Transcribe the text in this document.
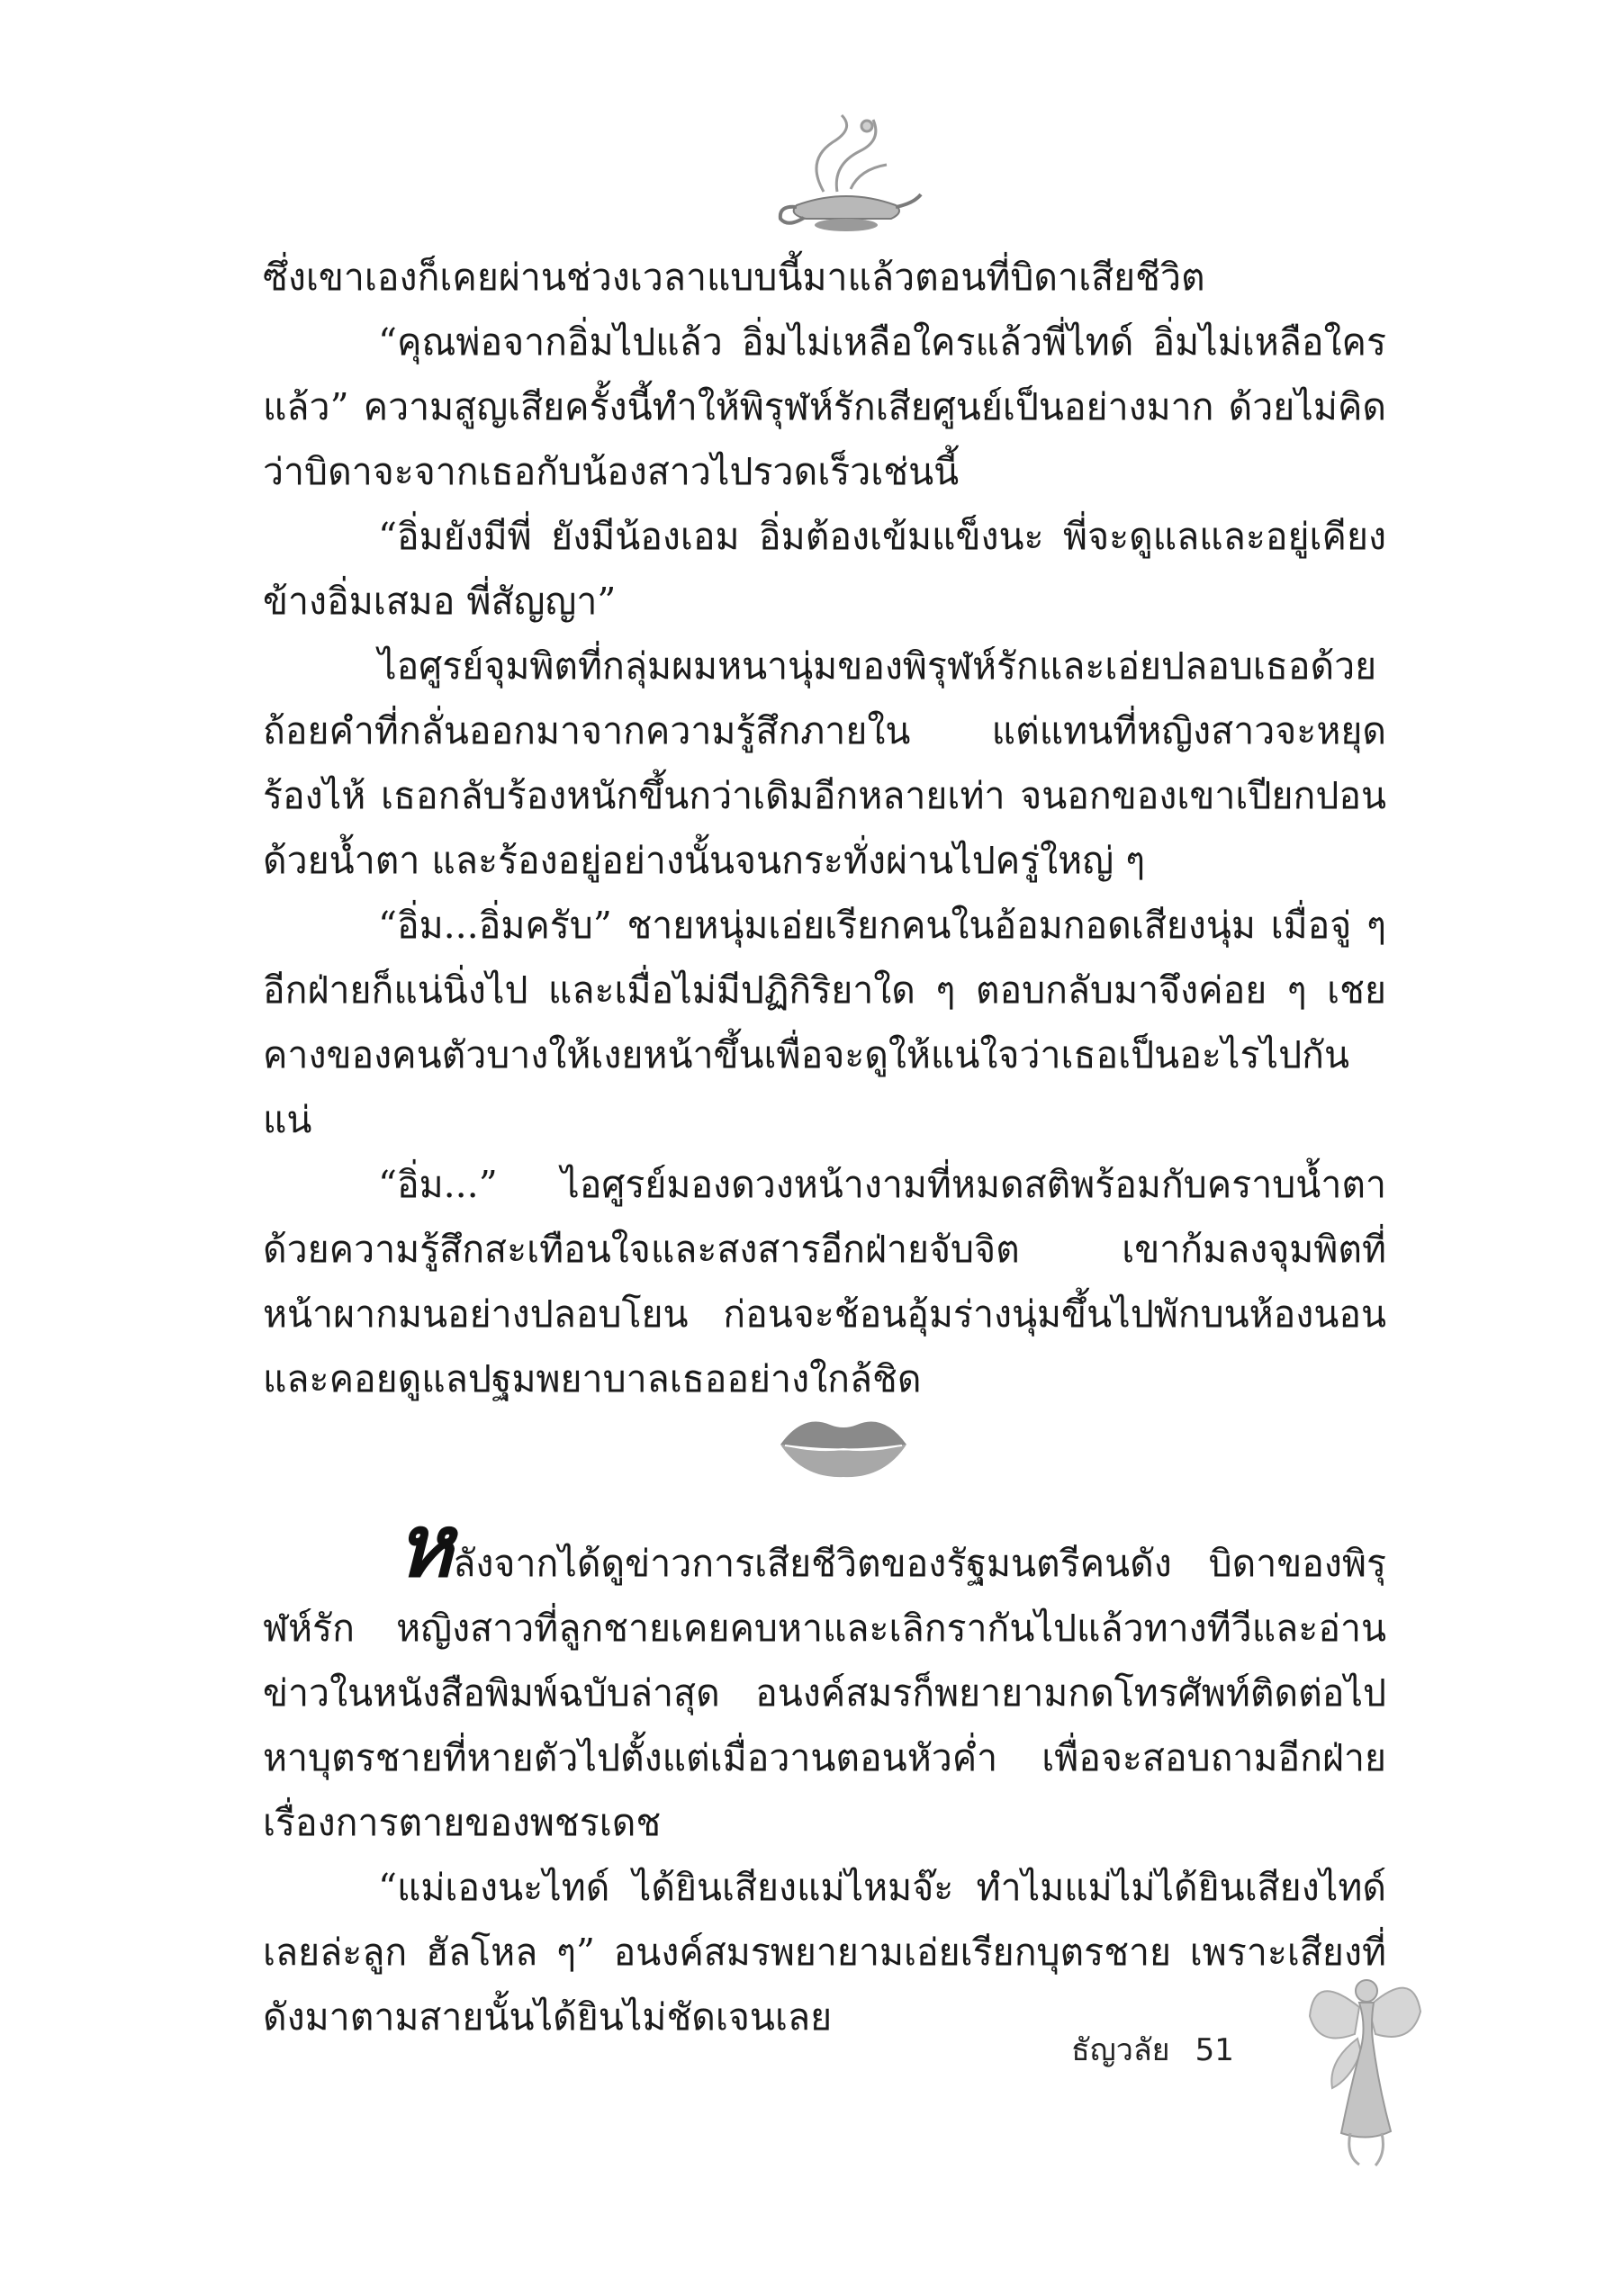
ซึ่งเขาเองก็เคยผ่านช่วงเวลาแบบนี้มาแล้วตอนที่บิดาเสียชีวิต

“คุณพ่อจากอิ่มไปแล้ว อิ่มไม่เหลือใครแล้วพี่ไทด์ อิ่มไม่เหลือใครแล้ว” ความสูญเสียครั้งนี้ทำให้พิรุฬห์รักเสียศูนย์เป็นอย่างมาก ด้วยไม่คิดว่าบิดาจะจากเธอกับน้องสาวไปรวดเร็วเช่นนี้

“อิ่มยังมีพี่ ยังมีน้องเอม อิ่มต้องเข้มแข็งนะ พี่จะดูแลและอยู่เคียงข้างอิ่มเสมอ พี่สัญญา”

ไอศูรย์จุมพิตที่กลุ่มผมหนานุ่มของพิรุฬห์รักและเอ่ยปลอบเธอด้วยถ้อยคำที่กลั่นออกมาจากความรู้สึกภายใน แต่แทนที่หญิงสาวจะหยุดร้องไห้ เธอกลับร้องหนักขึ้นกว่าเดิมอีกหลายเท่า จนอกของเขาเปียกปอนด้วยน้ำตา และร้องอยู่อย่างนั้นจนกระทั่งผ่านไปครู่ใหญ่ ๆ

“อิ่ม...อิ่มครับ” ชายหนุ่มเอ่ยเรียกคนในอ้อมกอดเสียงนุ่ม เมื่อจู่ ๆ อีกฝ่ายก็แน่นิ่งไป และเมื่อไม่มีปฏิกิริยาใด ๆ ตอบกลับมาจึงค่อย ๆ เชยคางของคนตัวบางให้เงยหน้าขึ้นเพื่อจะดูให้แน่ใจว่าเธอเป็นอะไรไปกันแน่

“อิ่ม...” ไอศูรย์มองดวงหน้างามที่หมดสติพร้อมกับคราบน้ำตาด้วยความรู้สึกสะเทือนใจและสงสารอีกฝ่ายจับจิต เขาก้มลงจุมพิตที่หน้าผากมนอย่างปลอบโยน ก่อนจะช้อนอุ้มร่างนุ่มขึ้นไปพักบนห้องนอนและคอยดูแลปฐมพยาบาลเธออย่างใกล้ชิด

หลังจากได้ดูข่าวการเสียชีวิตของรัฐมนตรีคนดัง บิดาของพิรุฬห์รัก หญิงสาวที่ลูกชายเคยคบหาและเลิกรากันไปแล้วทางทีวีและอ่านข่าวในหนังสือพิมพ์ฉบับล่าสุด อนงค์สมรก็พยายามกดโทรศัพท์ติดต่อไปหาบุตรชายที่หายตัวไปตั้งแต่เมื่อวานตอนหัวค่ำ เพื่อจะสอบถามอีกฝ่ายเรื่องการตายของพชรเดช

“แม่เองนะไทด์ ได้ยินเสียงแม่ไหมจ๊ะ ทำไมแม่ไม่ได้ยินเสียงไทด์เลยล่ะลูก ฮัลโหล ๆ” อนงค์สมรพยายามเอ่ยเรียกบุตรชาย เพราะเสียงที่ดังมาตามสายนั้นได้ยินไม่ชัดเจนเลย

ธัญวลัย 51
